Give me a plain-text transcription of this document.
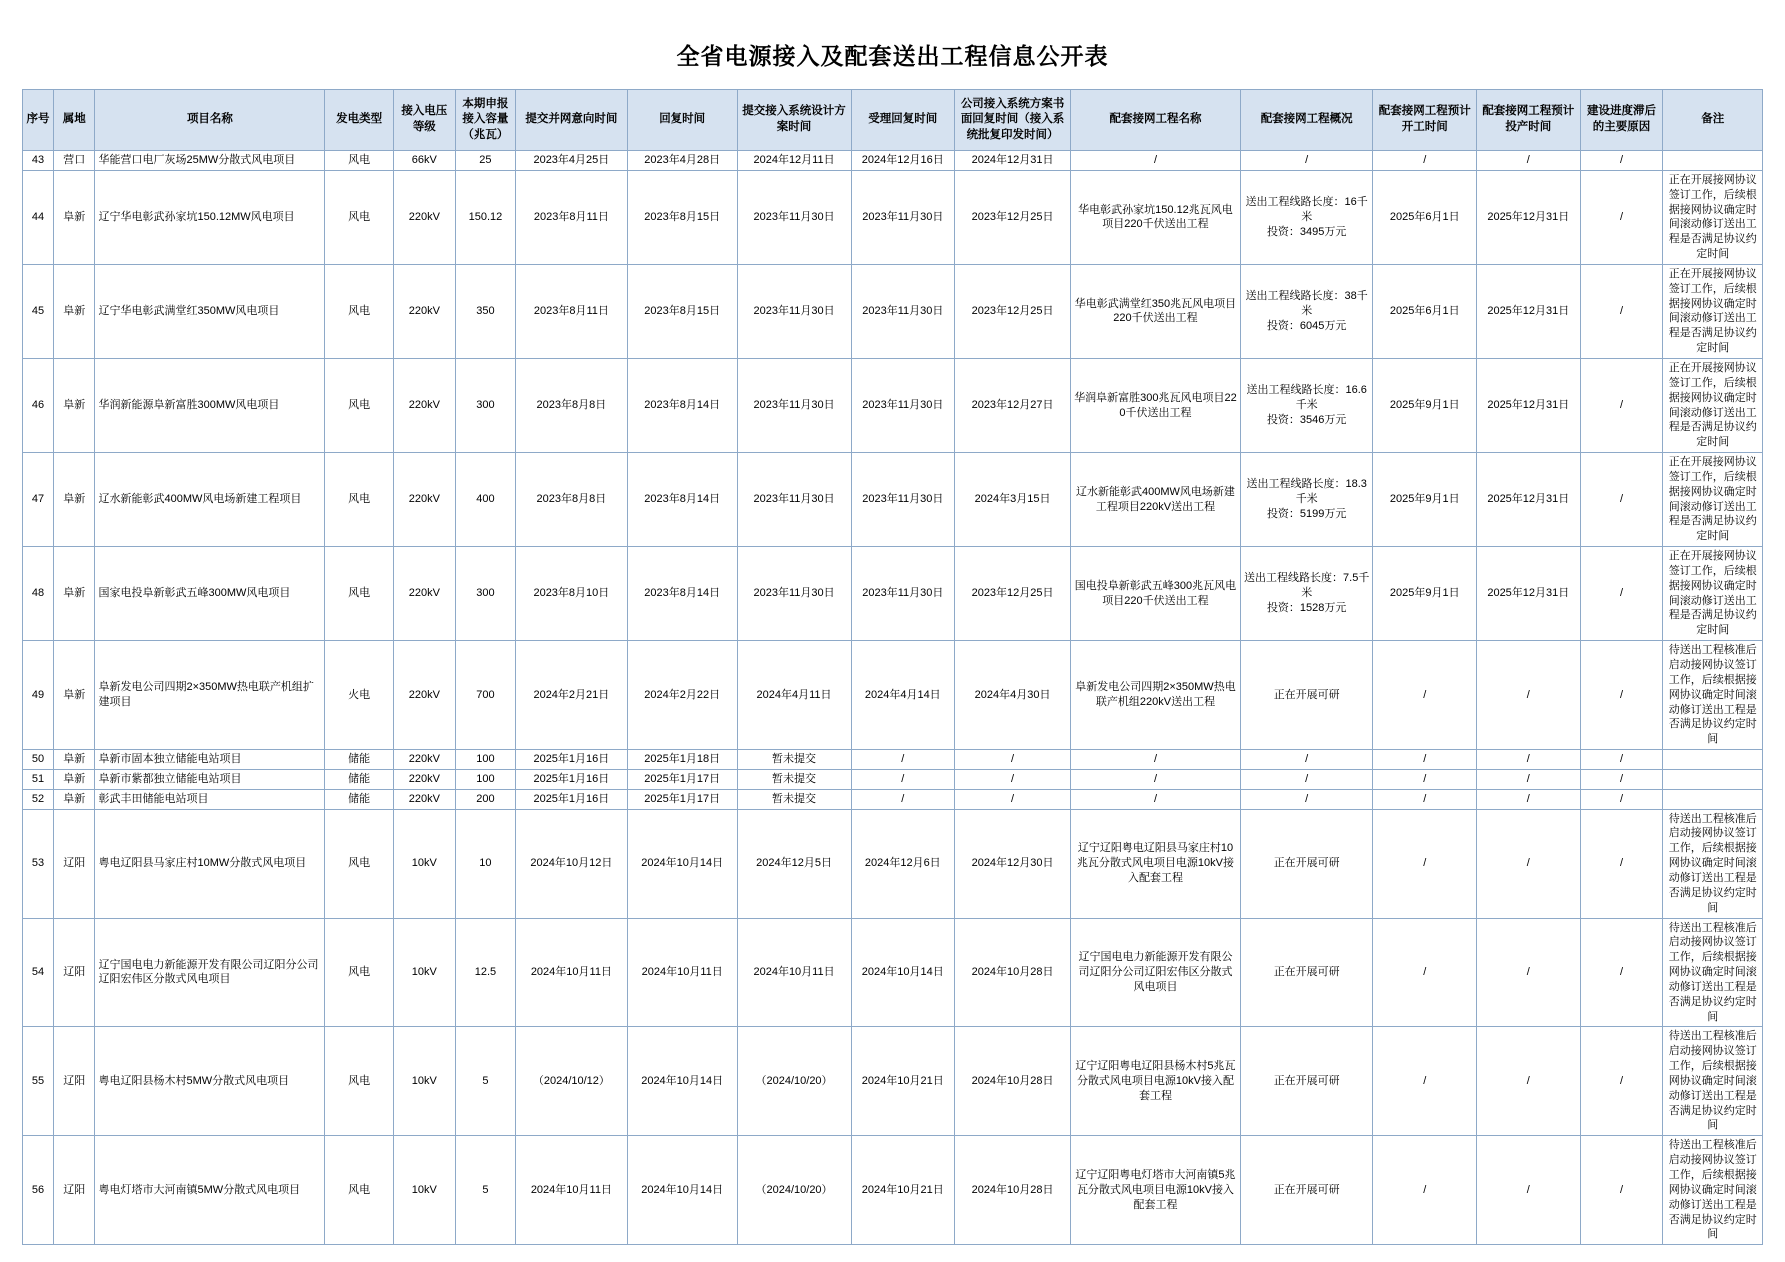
全省电源接入及配套送出工程信息公开表
序号	属地	项目名称	发电类型	接入电压等级	本期申报接入容量（兆瓦）	提交并网意向时间	回复时间	提交接入系统设计方案时间	受理回复时间	公司接入系统方案书面回复时间（接入系统批复印发时间）	配套接网工程名称	配套接网工程概况	配套接网工程预计开工时间	配套接网工程预计投产时间	建设进度滞后的主要原因	备注
43	营口	华能营口电厂灰场25MW分散式风电项目	风电	66kV	25	2023年4月25日	2023年4月28日	2024年12月11日	2024年12月16日	2024年12月31日	/	/	/	/	/	
44	阜新	辽宁华电彰武孙家坑150.12MW风电项目	风电	220kV	150.12	2023年8月11日	2023年8月15日	2023年11月30日	2023年11月30日	2023年12月25日	华电彰武孙家坑150.12兆瓦风电项目220千伏送出工程	送出工程线路长度：16千米
投资：3495万元	2025年6月1日	2025年12月31日	/	正在开展接网协议签订工作，后续根据接网协议确定时间滚动修订送出工程是否满足协议约定时间
45	阜新	辽宁华电彰武满堂红350MW风电项目	风电	220kV	350	2023年8月11日	2023年8月15日	2023年11月30日	2023年11月30日	2023年12月25日	华电彰武满堂红350兆瓦风电项目220千伏送出工程	送出工程线路长度：38千米
投资：6045万元	2025年6月1日	2025年12月31日	/	正在开展接网协议签订工作，后续根据接网协议确定时间滚动修订送出工程是否满足协议约定时间
46	阜新	华润新能源阜新富胜300MW风电项目	风电	220kV	300	2023年8月8日	2023年8月14日	2023年11月30日	2023年11月30日	2023年12月27日	华润阜新富胜300兆瓦风电项目220千伏送出工程	送出工程线路长度：16.6千米
投资：3546万元	2025年9月1日	2025年12月31日	/	正在开展接网协议签订工作，后续根据接网协议确定时间滚动修订送出工程是否满足协议约定时间
47	阜新	辽水新能彰武400MW风电场新建工程项目	风电	220kV	400	2023年8月8日	2023年8月14日	2023年11月30日	2023年11月30日	2024年3月15日	辽水新能彰武400MW风电场新建工程项目220kV送出工程	送出工程线路长度：18.3千米
投资：5199万元	2025年9月1日	2025年12月31日	/	正在开展接网协议签订工作，后续根据接网协议确定时间滚动修订送出工程是否满足协议约定时间
48	阜新	国家电投阜新彰武五峰300MW风电项目	风电	220kV	300	2023年8月10日	2023年8月14日	2023年11月30日	2023年11月30日	2023年12月25日	国电投阜新彰武五峰300兆瓦风电项目220千伏送出工程	送出工程线路长度：7.5千米
投资：1528万元	2025年9月1日	2025年12月31日	/	正在开展接网协议签订工作，后续根据接网协议确定时间滚动修订送出工程是否满足协议约定时间
49	阜新	阜新发电公司四期2×350MW热电联产机组扩建项目	火电	220kV	700	2024年2月21日	2024年2月22日	2024年4月11日	2024年4月14日	2024年4月30日	阜新发电公司四期2×350MW热电联产机组220kV送出工程	正在开展可研	/	/	/	待送出工程核准后启动接网协议签订工作，后续根据接网协议确定时间滚动修订送出工程是否满足协议约定时间
50	阜新	阜新市固本独立储能电站项目	储能	220kV	100	2025年1月16日	2025年1月18日	暂未提交	/	/	/	/	/	/	/	
51	阜新	阜新市紫都独立储能电站项目	储能	220kV	100	2025年1月16日	2025年1月17日	暂未提交	/	/	/	/	/	/	/	
52	阜新	彰武丰田储能电站项目	储能	220kV	200	2025年1月16日	2025年1月17日	暂未提交	/	/	/	/	/	/	/	
53	辽阳	粤电辽阳县马家庄村10MW分散式风电项目	风电	10kV	10	2024年10月12日	2024年10月14日	2024年12月5日	2024年12月6日	2024年12月30日	辽宁辽阳粤电辽阳县马家庄村10兆瓦分散式风电项目电源10kV接入配套工程	正在开展可研	/	/	/	待送出工程核准后启动接网协议签订工作，后续根据接网协议确定时间滚动修订送出工程是否满足协议约定时间
54	辽阳	辽宁国电电力新能源开发有限公司辽阳分公司辽阳宏伟区分散式风电项目	风电	10kV	12.5	2024年10月11日	2024年10月11日	2024年10月11日	2024年10月14日	2024年10月28日	辽宁国电电力新能源开发有限公司辽阳分公司辽阳宏伟区分散式风电项目	正在开展可研	/	/	/	待送出工程核准后启动接网协议签订工作，后续根据接网协议确定时间滚动修订送出工程是否满足协议约定时间
55	辽阳	粤电辽阳县杨木村5MW分散式风电项目	风电	10kV	5	（2024/10/12）	2024年10月14日	（2024/10/20）	2024年10月21日	2024年10月28日	辽宁辽阳粤电辽阳县杨木村5兆瓦分散式风电项目电源10kV接入配套工程	正在开展可研	/	/	/	待送出工程核准后启动接网协议签订工作，后续根据接网协议确定时间滚动修订送出工程是否满足协议约定时间
56	辽阳	粤电灯塔市大河南镇5MW分散式风电项目	风电	10kV	5	2024年10月11日	2024年10月14日	（2024/10/20）	2024年10月21日	2024年10月28日	辽宁辽阳粤电灯塔市大河南镇5兆瓦分散式风电项目电源10kV接入配套工程	正在开展可研	/	/	/	待送出工程核准后启动接网协议签订工作，后续根据接网协议确定时间滚动修订送出工程是否满足协议约定时间
